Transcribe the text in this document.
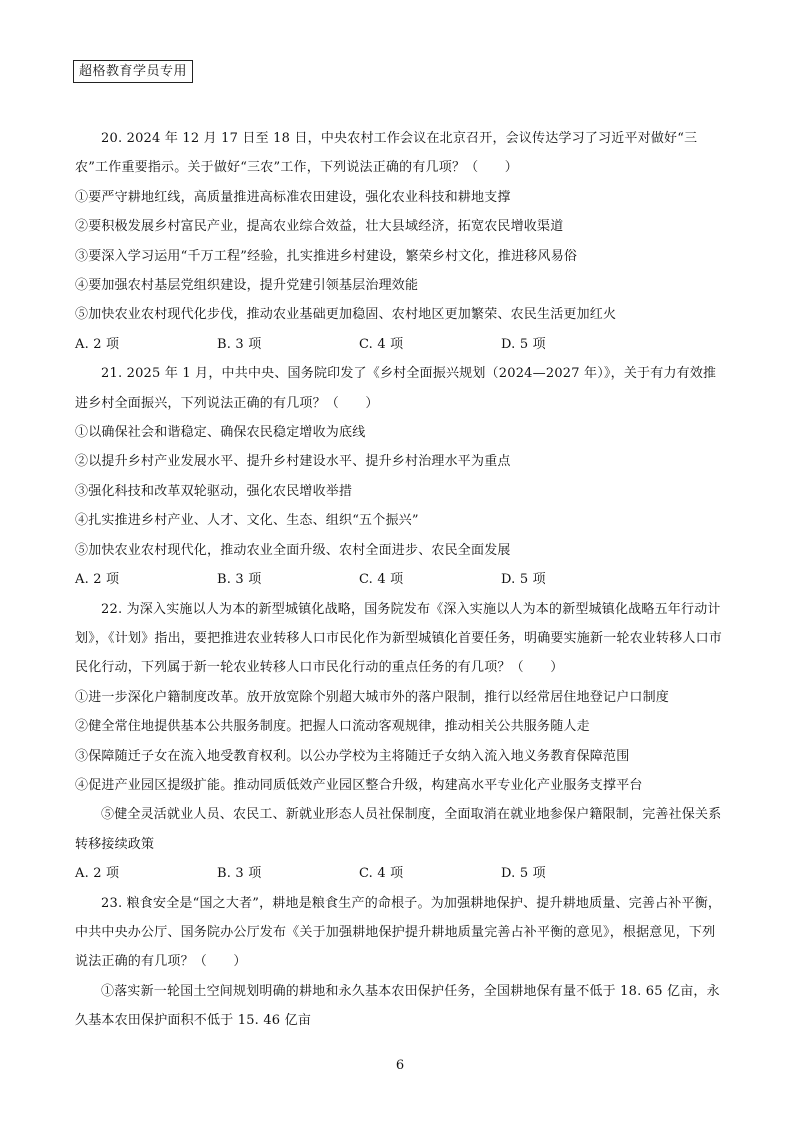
超格教育学员专用

20. 2024 年 12 月 17 日至 18 日，中央农村工作会议在北京召开，会议传达学习了习近平对做好“三农”工作重要指示。关于做好“三农”工作，下列说法正确的有几项？（　　）

①要严守耕地红线，高质量推进高标准农田建设，强化农业科技和耕地支撑

②要积极发展乡村富民产业，提高农业综合效益，壮大县域经济，拓宽农民增收渠道

③要深入学习运用“千万工程”经验，扎实推进乡村建设，繁荣乡村文化，推进移风易俗

④要加强农村基层党组织建设，提升党建引领基层治理效能

⑤加快农业农村现代化步伐，推动农业基础更加稳固、农村地区更加繁荣、农民生活更加红火

A. 2 项	B. 3 项	C. 4 项	D. 5 项

21. 2025 年 1 月，中共中央、国务院印发了《乡村全面振兴规划（2024—2027 年）》，关于有力有效推进乡村全面振兴，下列说法正确的有几项？（　　）

①以确保社会和谐稳定、确保农民稳定增收为底线

②以提升乡村产业发展水平、提升乡村建设水平、提升乡村治理水平为重点

③强化科技和改革双轮驱动，强化农民增收举措

④扎实推进乡村产业、人才、文化、生态、组织“五个振兴”

⑤加快农业农村现代化，推动农业全面升级、农村全面进步、农民全面发展

A. 2 项	B. 3 项	C. 4 项	D. 5 项

22. 为深入实施以人为本的新型城镇化战略，国务院发布《深入实施以人为本的新型城镇化战略五年行动计划》，《计划》指出，要把推进农业转移人口市民化作为新型城镇化首要任务，明确要实施新一轮农业转移人口市民化行动，下列属于新一轮农业转移人口市民化行动的重点任务的有几项？（　　）

①进一步深化户籍制度改革。放开放宽除个别超大城市外的落户限制，推行以经常居住地登记户口制度

②健全常住地提供基本公共服务制度。把握人口流动客观规律，推动相关公共服务随人走

③保障随迁子女在流入地受教育权利。以公办学校为主将随迁子女纳入流入地义务教育保障范围

④促进产业园区提级扩能。推动同质低效产业园区整合升级，构建高水平专业化产业服务支撑平台

⑤健全灵活就业人员、农民工、新就业形态人员社保制度，全面取消在就业地参保户籍限制，完善社保关系转移接续政策

A. 2 项	B. 3 项	C. 4 项	D. 5 项

23. 粮食安全是“国之大者”，耕地是粮食生产的命根子。为加强耕地保护、提升耕地质量、完善占补平衡，中共中央办公厅、国务院办公厅发布《关于加强耕地保护提升耕地质量完善占补平衡的意见》，根据意见，下列说法正确的有几项？（　　）

①落实新一轮国土空间规划明确的耕地和永久基本农田保护任务，全国耕地保有量不低于 18. 65 亿亩，永久基本农田保护面积不低于 15. 46 亿亩

6
